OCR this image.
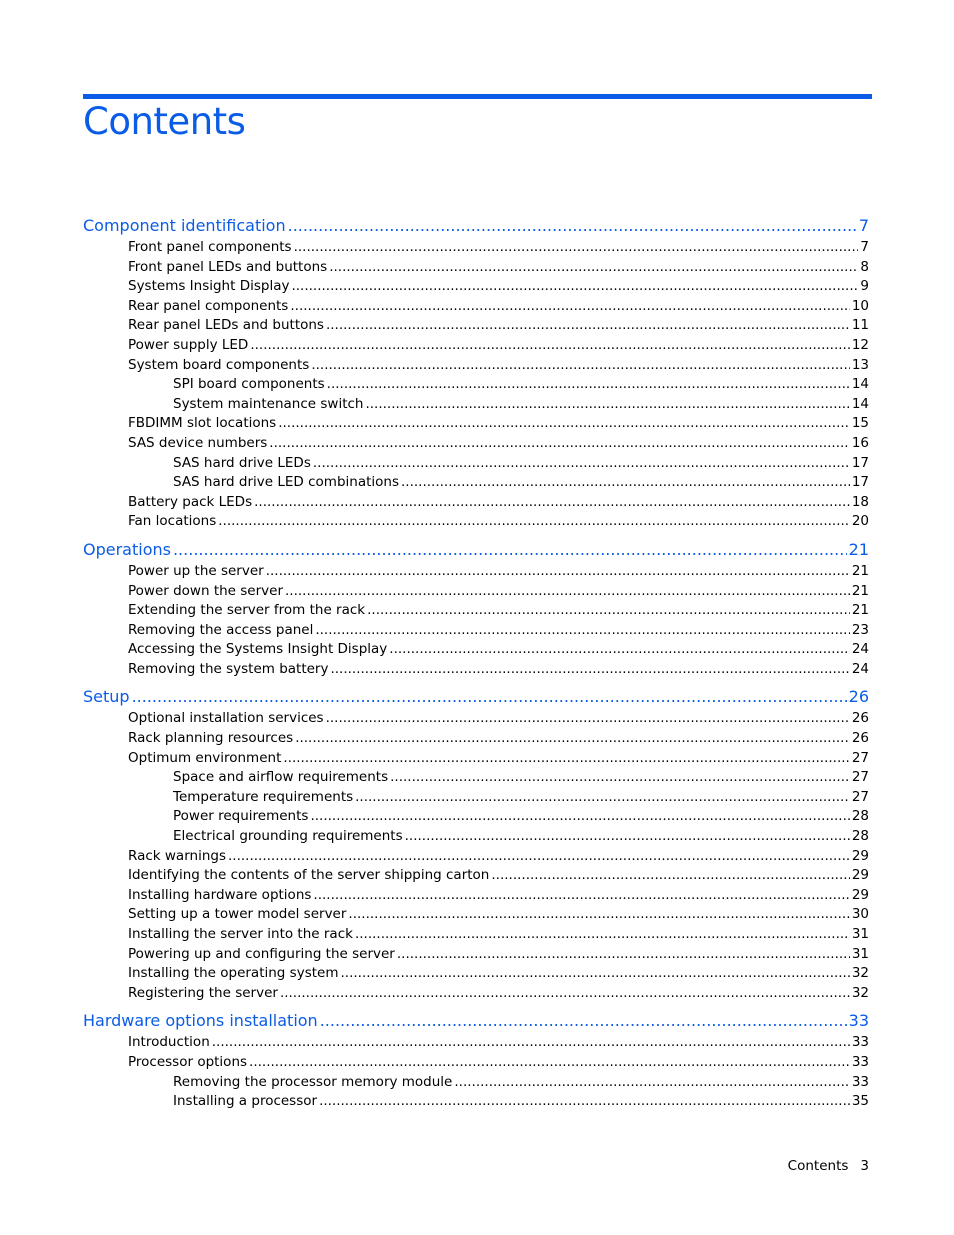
Contents
Component identification .....	7
Front panel components .....	7
Front panel LEDs and buttons .....	8
Systems Insight Display .....	9
Rear panel components .....	10
Rear panel LEDs and buttons .....	11
Power supply LED .....	12
System board components .....	13
SPI board components .....	14
System maintenance switch .....	14
FBDIMM slot locations .....	15
SAS device numbers .....	16
SAS hard drive LEDs .....	17
SAS hard drive LED combinations .....	17
Battery pack LEDs .....	18
Fan locations .....	20
Operations .....	21
Power up the server .....	21
Power down the server .....	21
Extending the server from the rack .....	21
Removing the access panel .....	23
Accessing the Systems Insight Display .....	24
Removing the system battery .....	24
Setup .....	26
Optional installation services .....	26
Rack planning resources .....	26
Optimum environment .....	27
Space and airflow requirements .....	27
Temperature requirements .....	27
Power requirements .....	28
Electrical grounding requirements .....	28
Rack warnings .....	29
Identifying the contents of the server shipping carton .....	29
Installing hardware options .....	29
Setting up a tower model server .....	30
Installing the server into the rack .....	31
Powering up and configuring the server .....	31
Installing the operating system .....	32
Registering the server .....	32
Hardware options installation .....	33
Introduction .....	33
Processor options .....	33
Removing the processor memory module .....	33
Installing a processor .....	35
Contents 3
